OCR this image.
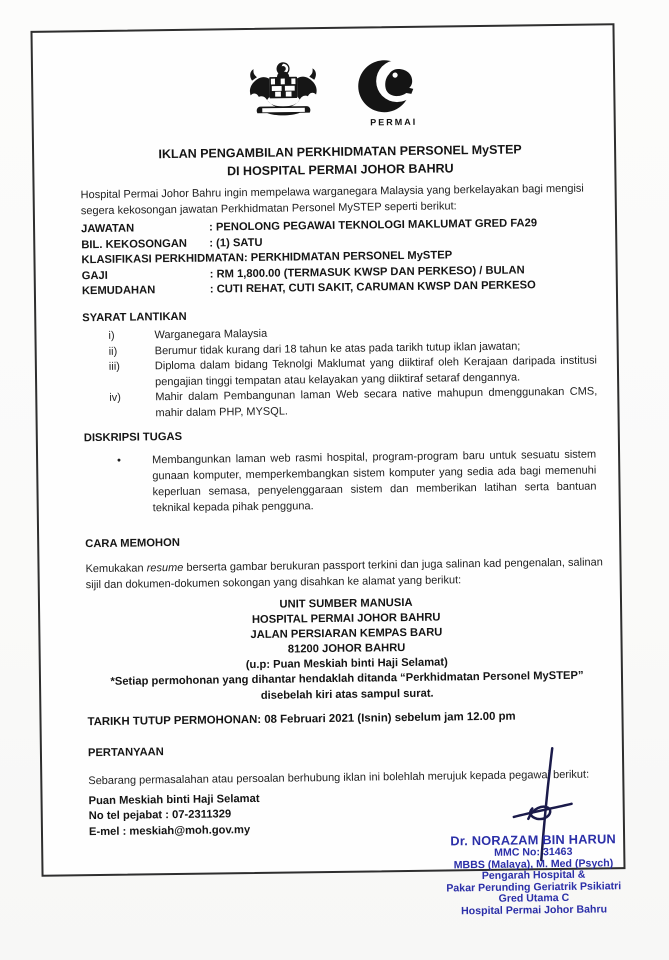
PERMAI
IKLAN PENGAMBILAN PERKHIDMATAN PERSONEL MySTEP
DI HOSPITAL PERMAI JOHOR BAHRU
Hospital Permai Johor Bahru ingin mempelawa warganegara Malaysia yang berkelayakan bagi mengisi segera kekosongan jawatan Perkhidmatan Personel MySTEP seperti berikut:
JAWATAN	: PENOLONG PEGAWAI TEKNOLOGI MAKLUMAT GRED FA29
BIL. KEKOSONGAN	: (1) SATU
KLASIFIKASI PERKHIDMATAN : PERKHIDMATAN PERSONEL MySTEP
GAJI	: RM 1,800.00 (TERMASUK KWSP DAN PERKESO) / BULAN
KEMUDAHAN	: CUTI REHAT, CUTI SAKIT, CARUMAN KWSP DAN PERKESO
SYARAT LANTIKAN
i)	Warganegara Malaysia
ii)	Berumur tidak kurang dari 18 tahun ke atas pada tarikh tutup iklan jawatan;
iii)	Diploma dalam bidang Teknolgi Maklumat yang diiktiraf oleh Kerajaan daripada institusi pengajian tinggi tempatan atau kelayakan yang diiktiraf setaraf dengannya.
iv)	Mahir dalam Pembangunan laman Web secara native mahupun dmenggunakan CMS, mahir dalam PHP, MYSQL.
DISKRIPSI TUGAS
•	Membangunkan laman web rasmi hospital, program-program baru untuk sesuatu sistem gunaan komputer, memperkembangkan sistem komputer yang sedia ada bagi memenuhi keperluan semasa, penyelenggaraan sistem dan memberikan latihan serta bantuan teknikal kepada pihak pengguna.
CARA MEMOHON
Kemukakan resume berserta gambar berukuran passport terkini dan juga salinan kad pengenalan, salinan sijil dan dokumen-dokumen sokongan yang disahkan ke alamat yang berikut:
UNIT SUMBER MANUSIA
HOSPITAL PERMAI JOHOR BAHRU
JALAN PERSIARAN KEMPAS BARU
81200 JOHOR BAHRU
(u.p: Puan Meskiah binti Haji Selamat)
*Setiap permohonan yang dihantar hendaklah ditanda “Perkhidmatan Personel MySTEP” disebelah kiri atas sampul surat.
TARIKH TUTUP PERMOHONAN: 08 Februari 2021 (Isnin) sebelum jam 12.00 pm
PERTANYAAN
Sebarang permasalahan atau persoalan berhubung iklan ini bolehlah merujuk kepada pegawai berikut:
Puan Meskiah binti Haji Selamat
No tel pejabat : 07-2311329
E-mel : meskiah@moh.gov.my
Dr. NORAZAM BIN HARUN
MMC No: 31463
MBBS (Malaya), M. Med (Psych)
Pengarah Hospital &
Pakar Perunding Geriatrik Psikiatri
Gred Utama C
Hospital Permai Johor Bahru
